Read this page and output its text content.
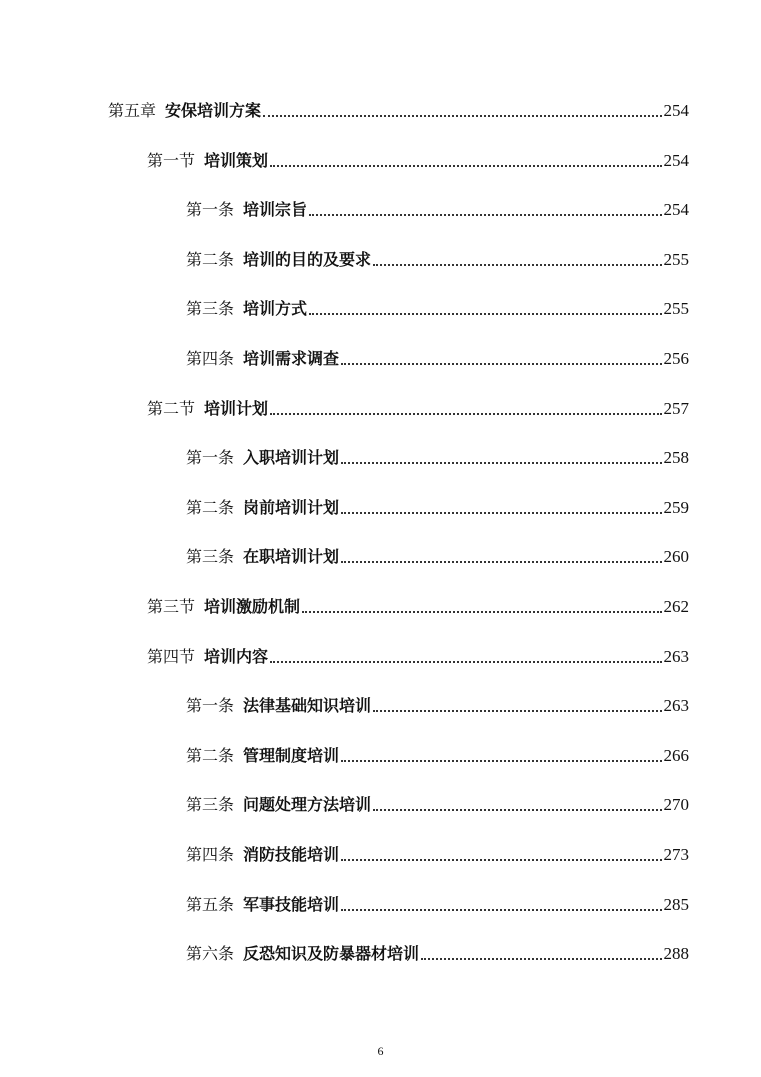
第五章 安保培训方案	254
第一节 培训策划	254
第一条 培训宗旨	254
第二条 培训的目的及要求	255
第三条 培训方式	255
第四条 培训需求调查	256
第二节 培训计划	257
第一条 入职培训计划	258
第二条 岗前培训计划	259
第三条 在职培训计划	260
第三节 培训激励机制	262
第四节 培训内容	263
第一条 法律基础知识培训	263
第二条 管理制度培训	266
第三条 问题处理方法培训	270
第四条 消防技能培训	273
第五条 军事技能培训	285
第六条 反恐知识及防暴器材培训	288
6
